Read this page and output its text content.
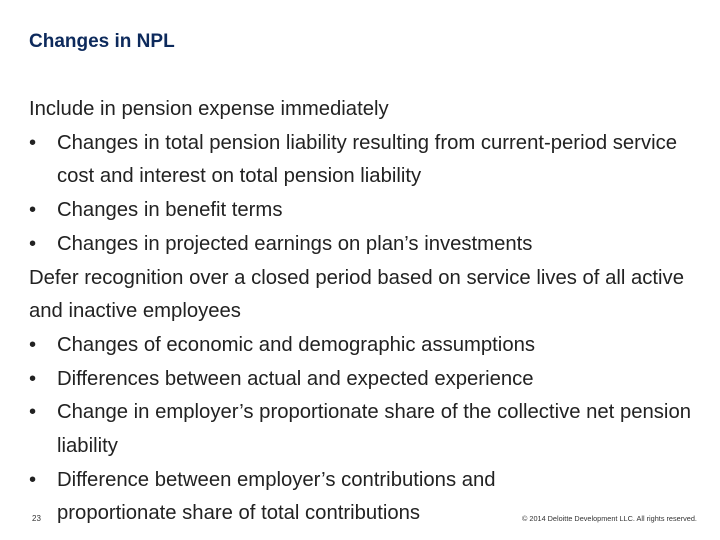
Changes in NPL

Include in pension expense immediately

•	Changes in total pension liability resulting from current-period service cost and interest on total pension liability
•	Changes in benefit terms
•	Changes in projected earnings on plan’s investments

Defer recognition over a closed period based on service lives of all active and inactive employees

•	Changes of economic and demographic assumptions
•	Differences between actual and expected experience
•	Change in employer’s proportionate share of the collective net pension liability
•	Difference between employer’s contributions and proportionate share of total contributions
23	© 2014 Deloitte Development LLC. All rights reserved.
